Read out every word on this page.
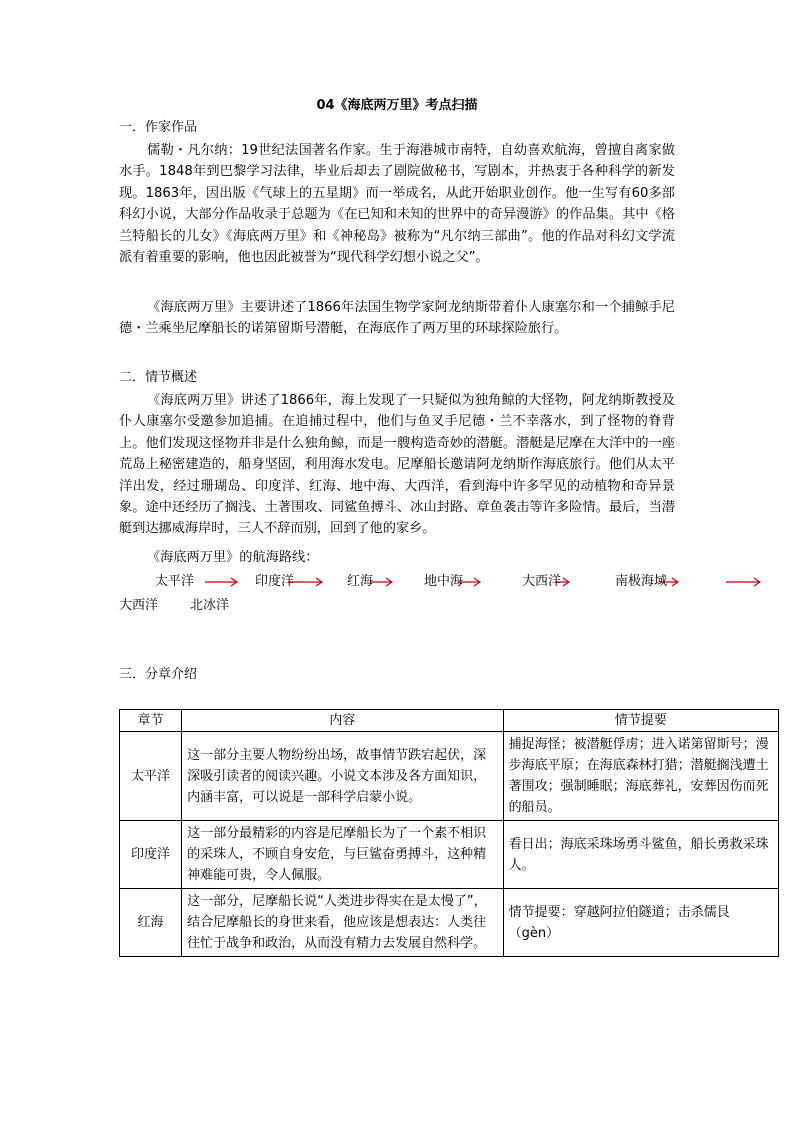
04《海底两万里》考点扫描
一．作家作品
儒勒・凡尔纳：19世纪法国著名作家。生于海港城市南特，自幼喜欢航海，曾擅自离家做水手。1848年到巴黎学习法律，毕业后却去了剧院做秘书，写剧本，并热衷于各种科学的新发现。1863年，因出版《气球上的五星期》而一举成名，从此开始职业创作。他一生写有60多部科幻小说，大部分作品收录于总题为《在已知和未知的世界中的奇异漫游》的作品集。其中《格兰特船长的儿女》《海底两万里》和《神秘岛》被称为“凡尔纳三部曲”。他的作品对科幻文学流派有着重要的影响，他也因此被誉为“现代科学幻想小说之父”。
《海底两万里》主要讲述了1866年法国生物学家阿龙纳斯带着仆人康塞尔和一个捕鲸手尼德・兰乘坐尼摩船长的诺第留斯号潜艇，在海底作了两万里的环球探险旅行。
二．情节概述
《海底两万里》讲述了1866年，海上发现了一只疑似为独角鲸的大怪物，阿龙纳斯教授及仆人康塞尔受邀参加追捕。在追捕过程中，他们与鱼叉手尼德・兰不幸落水，到了怪物的脊背上。他们发现这怪物并非是什么独角鲸，而是一艘构造奇妙的潜艇。潜艇是尼摩在大洋中的一座荒岛上秘密建造的，船身坚固，利用海水发电。尼摩船长邀请阿龙纳斯作海底旅行。他们从太平洋出发，经过珊瑚岛、印度洋、红海、地中海、大西洋，看到海中许多罕见的动植物和奇异景象。途中还经历了搁浅、土著围攻、同鲨鱼搏斗、冰山封路、章鱼袭击等许多险情。最后，当潜艇到达挪威海岸时，三人不辞而别，回到了他的家乡。
《海底两万里》的航海路线：
太平洋	印度洋	红海	地中海	大西洋	南极海域
大西洋 北冰洋
三．分章介绍
章节	内容	情节提要
太平洋	这一部分主要人物纷纷出场，故事情节跌宕起伏，深深吸引读者的阅读兴趣。小说文本涉及各方面知识，内涵丰富，可以说是一部科学启蒙小说。	捕捉海怪；被潜艇俘虏；进入诺第留斯号；漫步海底平原；在海底森林打猎；潜艇搁浅遭土著围攻；强制睡眠；海底葬礼，安葬因伤而死的船员。
印度洋	这一部分最精彩的内容是尼摩船长为了一个素不相识的采珠人，不顾自身安危，与巨鲨奋勇搏斗，这种精神难能可贵，令人佩服。	看日出；海底采珠场勇斗鲨鱼，船长勇救采珠人。
红海	这一部分，尼摩船长说“人类进步得实在是太慢了”，结合尼摩船长的身世来看，他应该是想表达：人类往往忙于战争和政治，从而没有精力去发展自然科学。	情节提要：穿越阿拉伯隧道；击杀儒艮（gèn）
